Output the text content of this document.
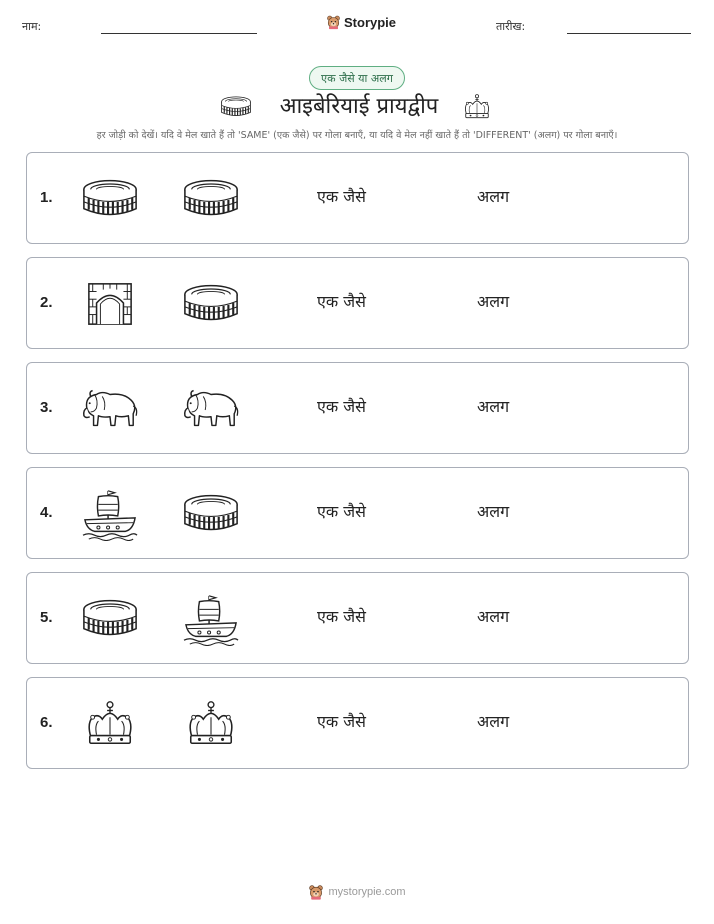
नाम:	Storypie	तारीख:
एक जैसे या अलग
आइबेरियाई प्रायद्वीप
हर जोड़ी को देखें। यदि वे मेल खाते हैं तो 'SAME' (एक जैसे) पर गोला बनाएँ, या यदि वे मेल नहीं खाते हैं तो 'DIFFERENT' (अलग) पर गोला बनाएँ।
1.	एक जैसे	अलग
2.	एक जैसे	अलग
3.	एक जैसे	अलग
4.	एक जैसे	अलग
5.	एक जैसे	अलग
6.	एक जैसे	अलग
mystorypie.com
